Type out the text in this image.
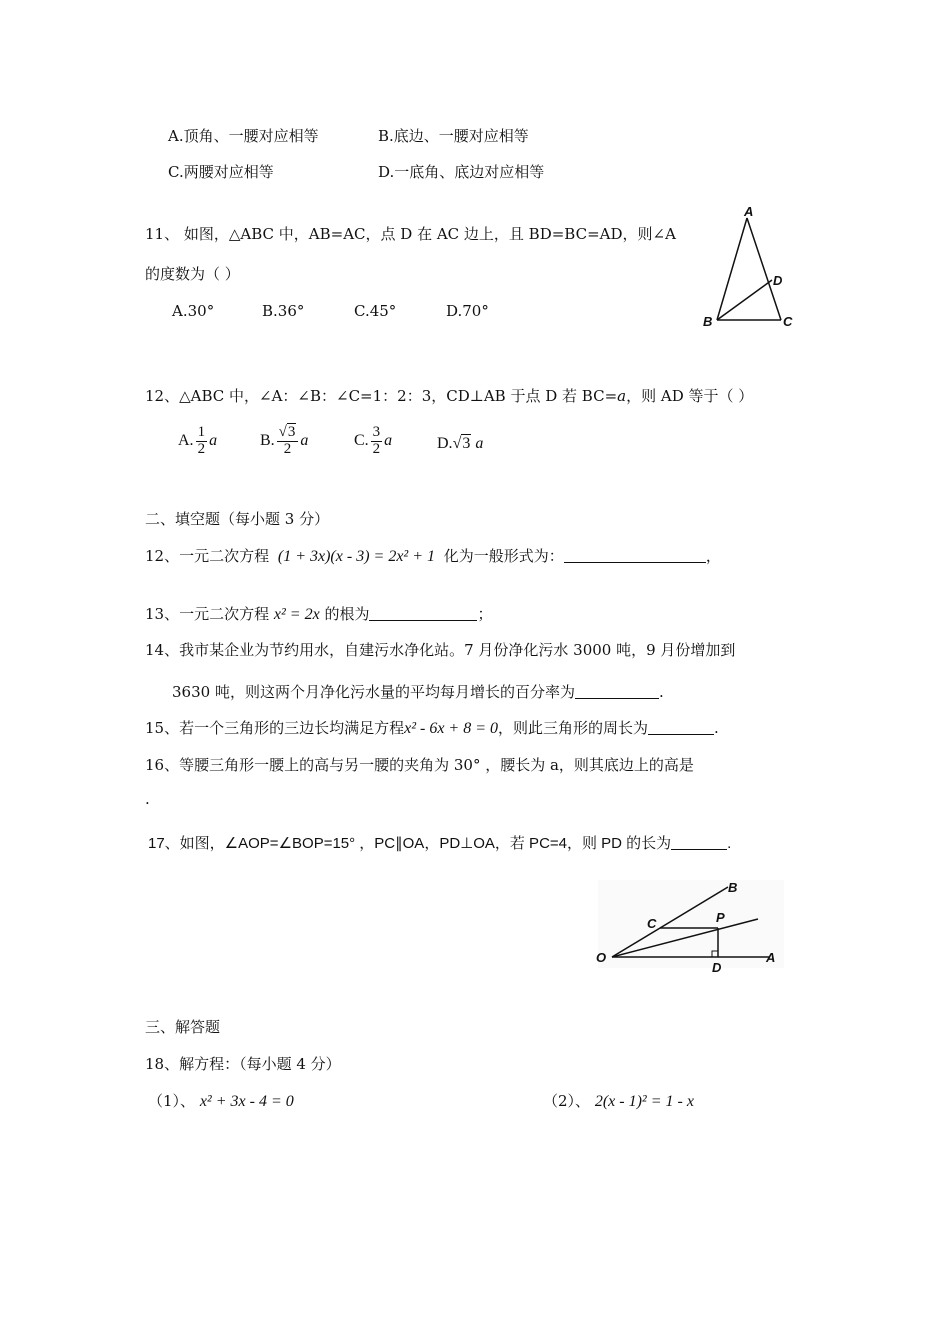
A.顶角、一腰对应相等	B.底边、一腰对应相等
C.两腰对应相等	D.一底角、底边对应相等
11、 如图，△ABC 中，AB=AC，点 D 在 AC 边上，且 BD=BC=AD，则∠A
的度数为（ ）
A.30°	B.36°	C.45°	D.70°
A
D
B	C
12、△ABC 中，∠A：∠B：∠C=1：2：3，CD⊥AB 于点 D 若 BC=a，则 AD 等于（ ）
A. $\frac{1}{2}$ a	B. $\frac{√3}{2}$ a	C. $\frac{3}{2}$ a	D.√3 a
二、填空题（每小题 3 分）
12、一元二次方程 (1 + 3x)(x - 3) = 2x² + 1 化为一般形式为：	，
13、一元二次方程 x² = 2x 的根为	；
14、我市某企业为节约用水，自建污水净化站。7 月份净化污水 3000 吨，9 月份增加到
3630 吨，则这两个月净化污水量的平均每月增长的百分率为	.
15、若一个三角形的三边长均满足方程x² - 6x + 8 = 0，则此三角形的周长为	.
16、等腰三角形一腰上的高与另一腰的夹角为 30° ，腰长为 a，则其底边上的高是
.
17、如图，∠AOP=∠BOP=15° ，PC∥OA，PD⊥OA，若 PC=4，则 PD 的长为	.
O	A
B
C	P
D
三、解答题
18、解方程：（每小题 4 分）
（1）、 x² + 3x - 4 = 0	（2）、 2(x - 1)² = 1 - x
